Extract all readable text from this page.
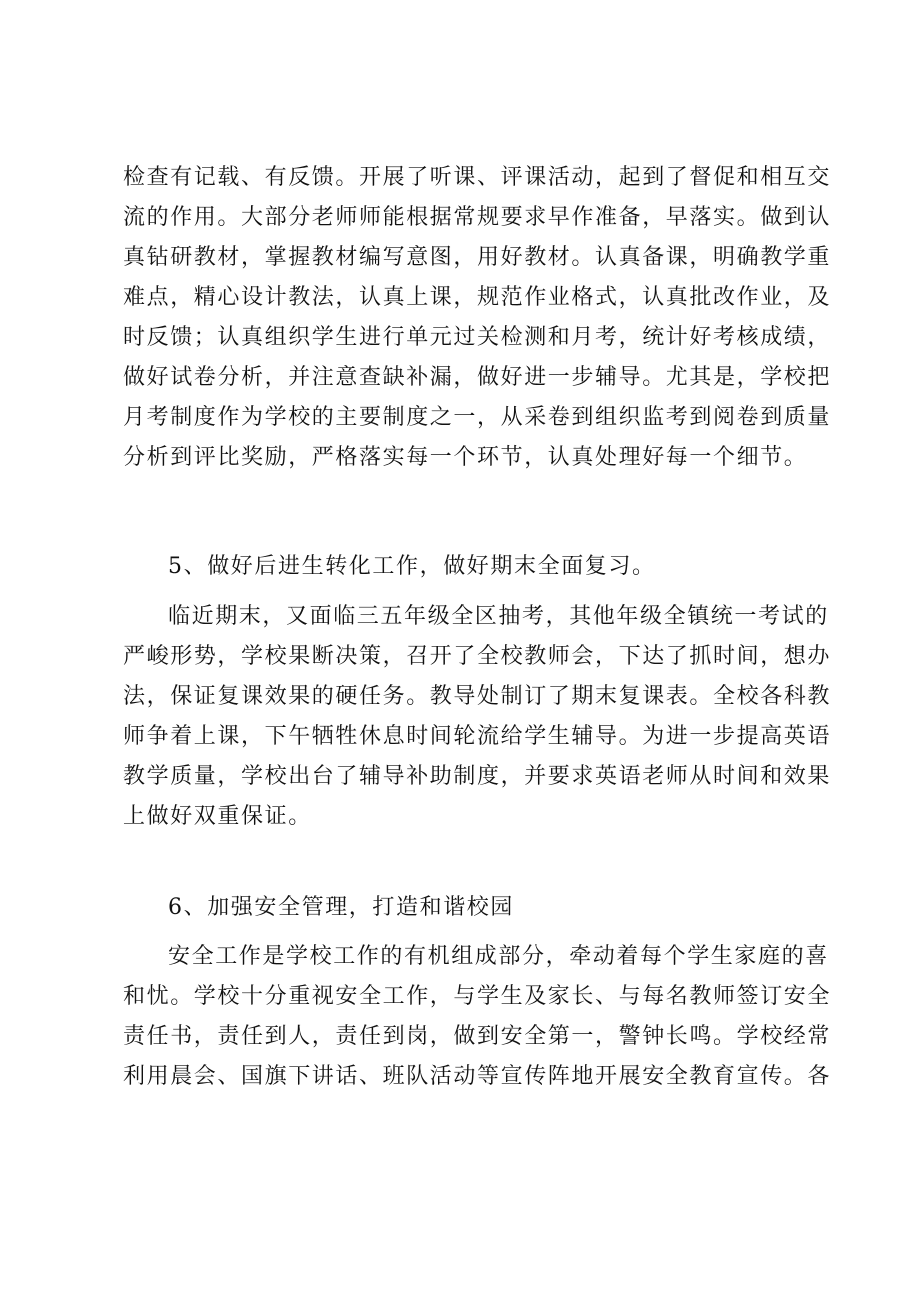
检查有记载、有反馈。开展了听课、评课活动，起到了督促和相互交
流的作用。大部分老师师能根据常规要求早作准备，早落实。做到认
真钻研教材，掌握教材编写意图，用好教材。认真备课，明确教学重
难点，精心设计教法，认真上课，规范作业格式，认真批改作业，及
时反馈；认真组织学生进行单元过关检测和月考，统计好考核成绩，
做好试卷分析，并注意查缺补漏，做好进一步辅导。尤其是，学校把
月考制度作为学校的主要制度之一，从采卷到组织监考到阅卷到质量
分析到评比奖励，严格落实每一个环节，认真处理好每一个细节。
5、做好后进生转化工作，做好期末全面复习。
临近期末，又面临三五年级全区抽考，其他年级全镇统一考试的
严峻形势，学校果断决策，召开了全校教师会，下达了抓时间，想办
法，保证复课效果的硬任务。教导处制订了期末复课表。全校各科教
师争着上课，下午牺牲休息时间轮流给学生辅导。为进一步提高英语
教学质量，学校出台了辅导补助制度，并要求英语老师从时间和效果
上做好双重保证。
6、加强安全管理，打造和谐校园
安全工作是学校工作的有机组成部分，牵动着每个学生家庭的喜
和忧。学校十分重视安全工作，与学生及家长、与每名教师签订安全
责任书，责任到人，责任到岗，做到安全第一，警钟长鸣。学校经常
利用晨会、国旗下讲话、班队活动等宣传阵地开展安全教育宣传。各
